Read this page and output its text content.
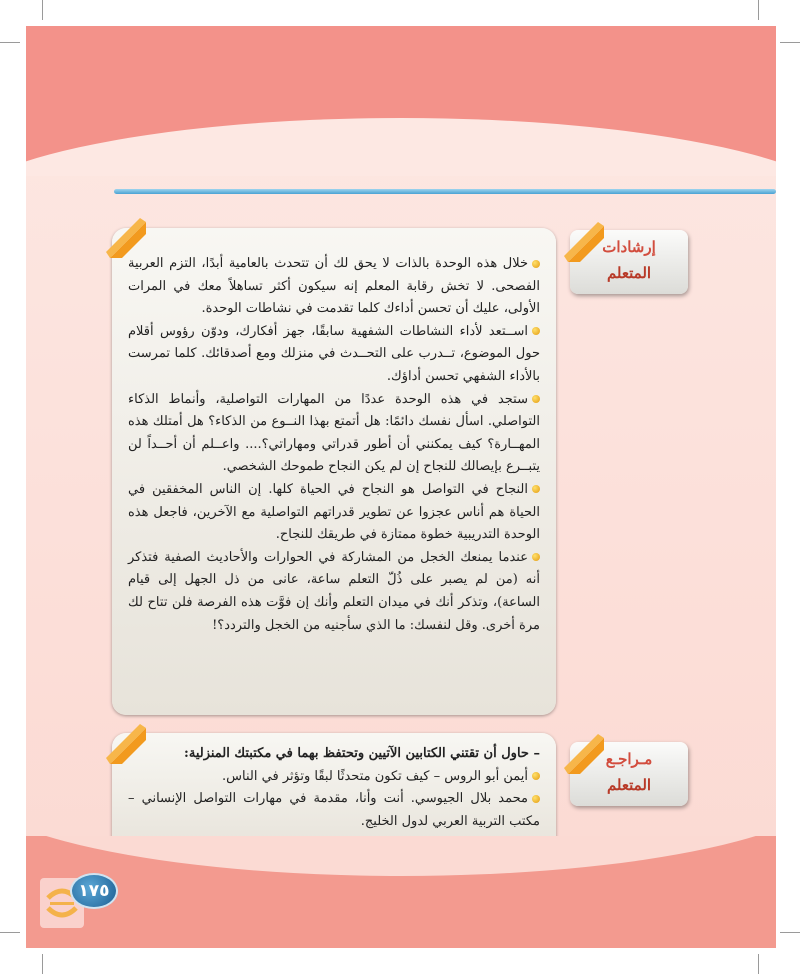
خلال هذه الوحدة بالذات لا يحق لك أن تتحدث بالعامية أبدًا، التزم العربية الفصحى. لا تخش رقابة المعلم إنه سيكون أكثر تساهلاً معك في المرات الأولى، عليك أن تحسن أداءك كلما تقدمت في نشاطات الوحدة.

اســتعد لأداء النشاطات الشفهية سابقًا، جهز أفكارك، ودوّن رؤوس أقلام حول الموضوع، تــدرب على التحــدث في منزلك ومع أصدقائك. كلما تمرست بالأداء الشفهي تحسن أداؤك.

ستجد في هذه الوحدة عددًا من المهارات التواصلية، وأنماط الذكاء التواصلي. اسأل نفسك دائمًا: هل أتمتع بهذا النــوع من الذكاء؟ هل أمتلك هذه المهــارة؟ كيف يمكنني أن أطور قدراتي ومهاراتي؟.... واعــلم أن أحــداً لن يتبــرع بإيصالك للنجاح إن لم يكن النجاح طموحك الشخصي.

النجاح في التواصل هو النجاح في الحياة كلها. إن الناس المخفقين في الحياة هم أناس عجزوا عن تطوير قدراتهم التواصلية مع الآخرين، فاجعل هذه الوحدة التدريبية خطوة ممتازة في طريقك للنجاح.

عندما يمنعك الخجل من المشاركة في الحوارات والأحاديث الصفية فتذكر أنه (من لم يصبر على ذُلّ التعلم ساعة، عانى من ذل الجهل إلى قيام الساعة)، وتذكر أنك في ميدان التعلم وأنك إن فوَّت هذه الفرصة فلن تتاح لك مرة أخرى. وقل لنفسك: ما الذي سأجنيه من الخجل والتردد؟!

إرشادات
المتعلم

– حاول أن تقتني الكتابين الآتيين وتحتفظ بهما في مكتبتك المنزلية:

أيمن أبو الروس – كيف تكون متحدثًا لبقًا وتؤثر في الناس.

محمد بلال الجيوسي. أنت وأنا، مقدمة في مهارات التواصل الإنساني – مكتب التربية العربي لدول الخليج.

مـراجـع
المتعلم
١٧٥
